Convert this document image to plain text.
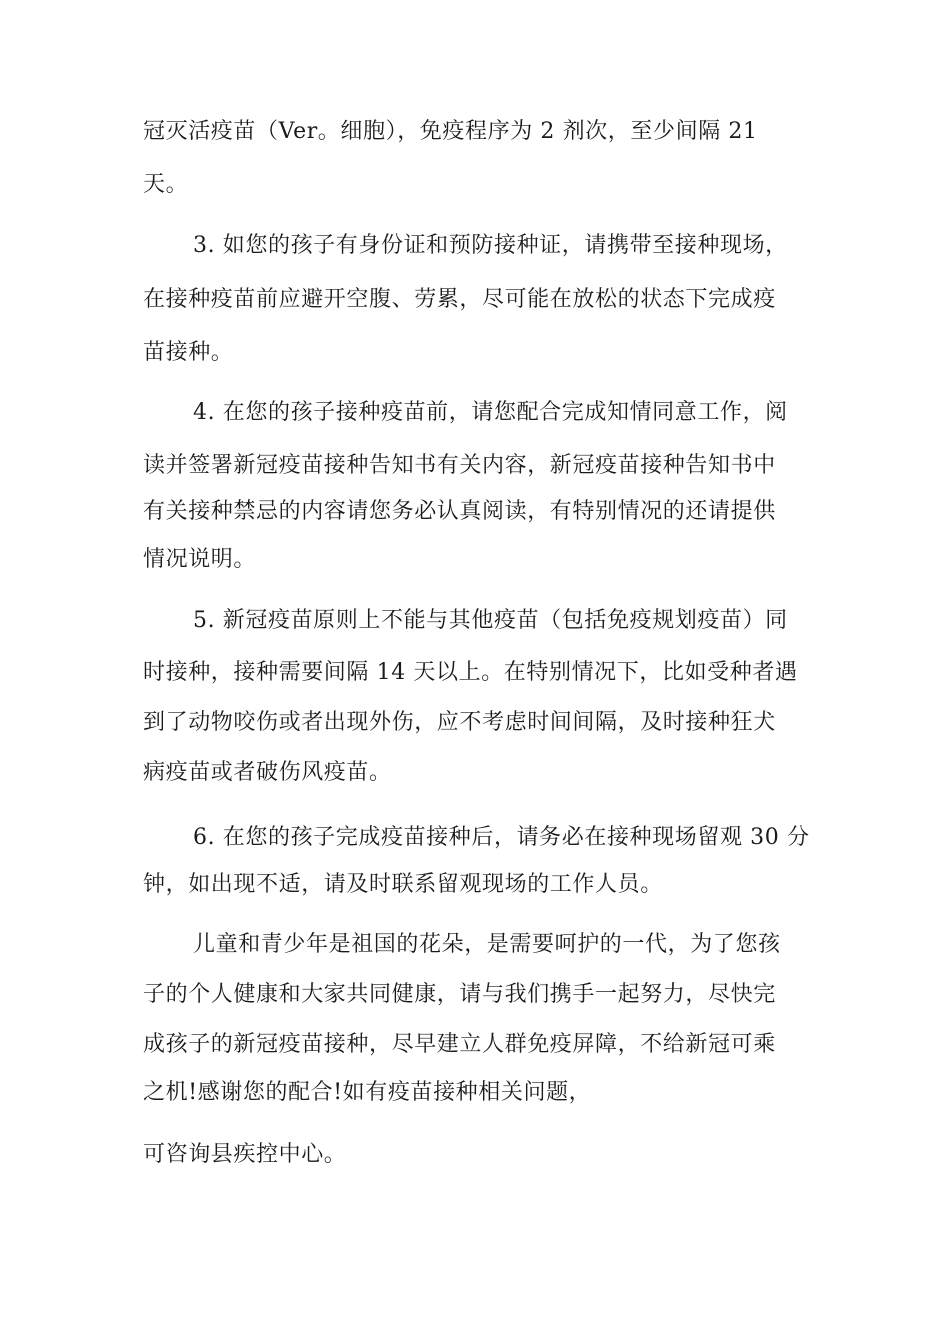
冠灭活疫苗（Ver。细胞），免疫程序为 2 剂次，至少间隔 21

天。

3. 如您的孩子有身份证和预防接种证，请携带至接种现场，

在接种疫苗前应避开空腹、劳累，尽可能在放松的状态下完成疫

苗接种。

4. 在您的孩子接种疫苗前，请您配合完成知情同意工作，阅

读并签署新冠疫苗接种告知书有关内容，新冠疫苗接种告知书中

有关接种禁忌的内容请您务必认真阅读，有特别情况的还请提供

情况说明。

5. 新冠疫苗原则上不能与其他疫苗（包括免疫规划疫苗）同

时接种，接种需要间隔 14 天以上。在特别情况下，比如受种者遇

到了动物咬伤或者出现外伤，应不考虑时间间隔，及时接种狂犬

病疫苗或者破伤风疫苗。

6. 在您的孩子完成疫苗接种后，请务必在接种现场留观 30 分

钟，如出现不适，请及时联系留观现场的工作人员。

儿童和青少年是祖国的花朵，是需要呵护的一代，为了您孩

子的个人健康和大家共同健康，请与我们携手一起努力，尽快完

成孩子的新冠疫苗接种，尽早建立人群免疫屏障，不给新冠可乘

之机!感谢您的配合!如有疫苗接种相关问题，

可咨询县疾控中心。
